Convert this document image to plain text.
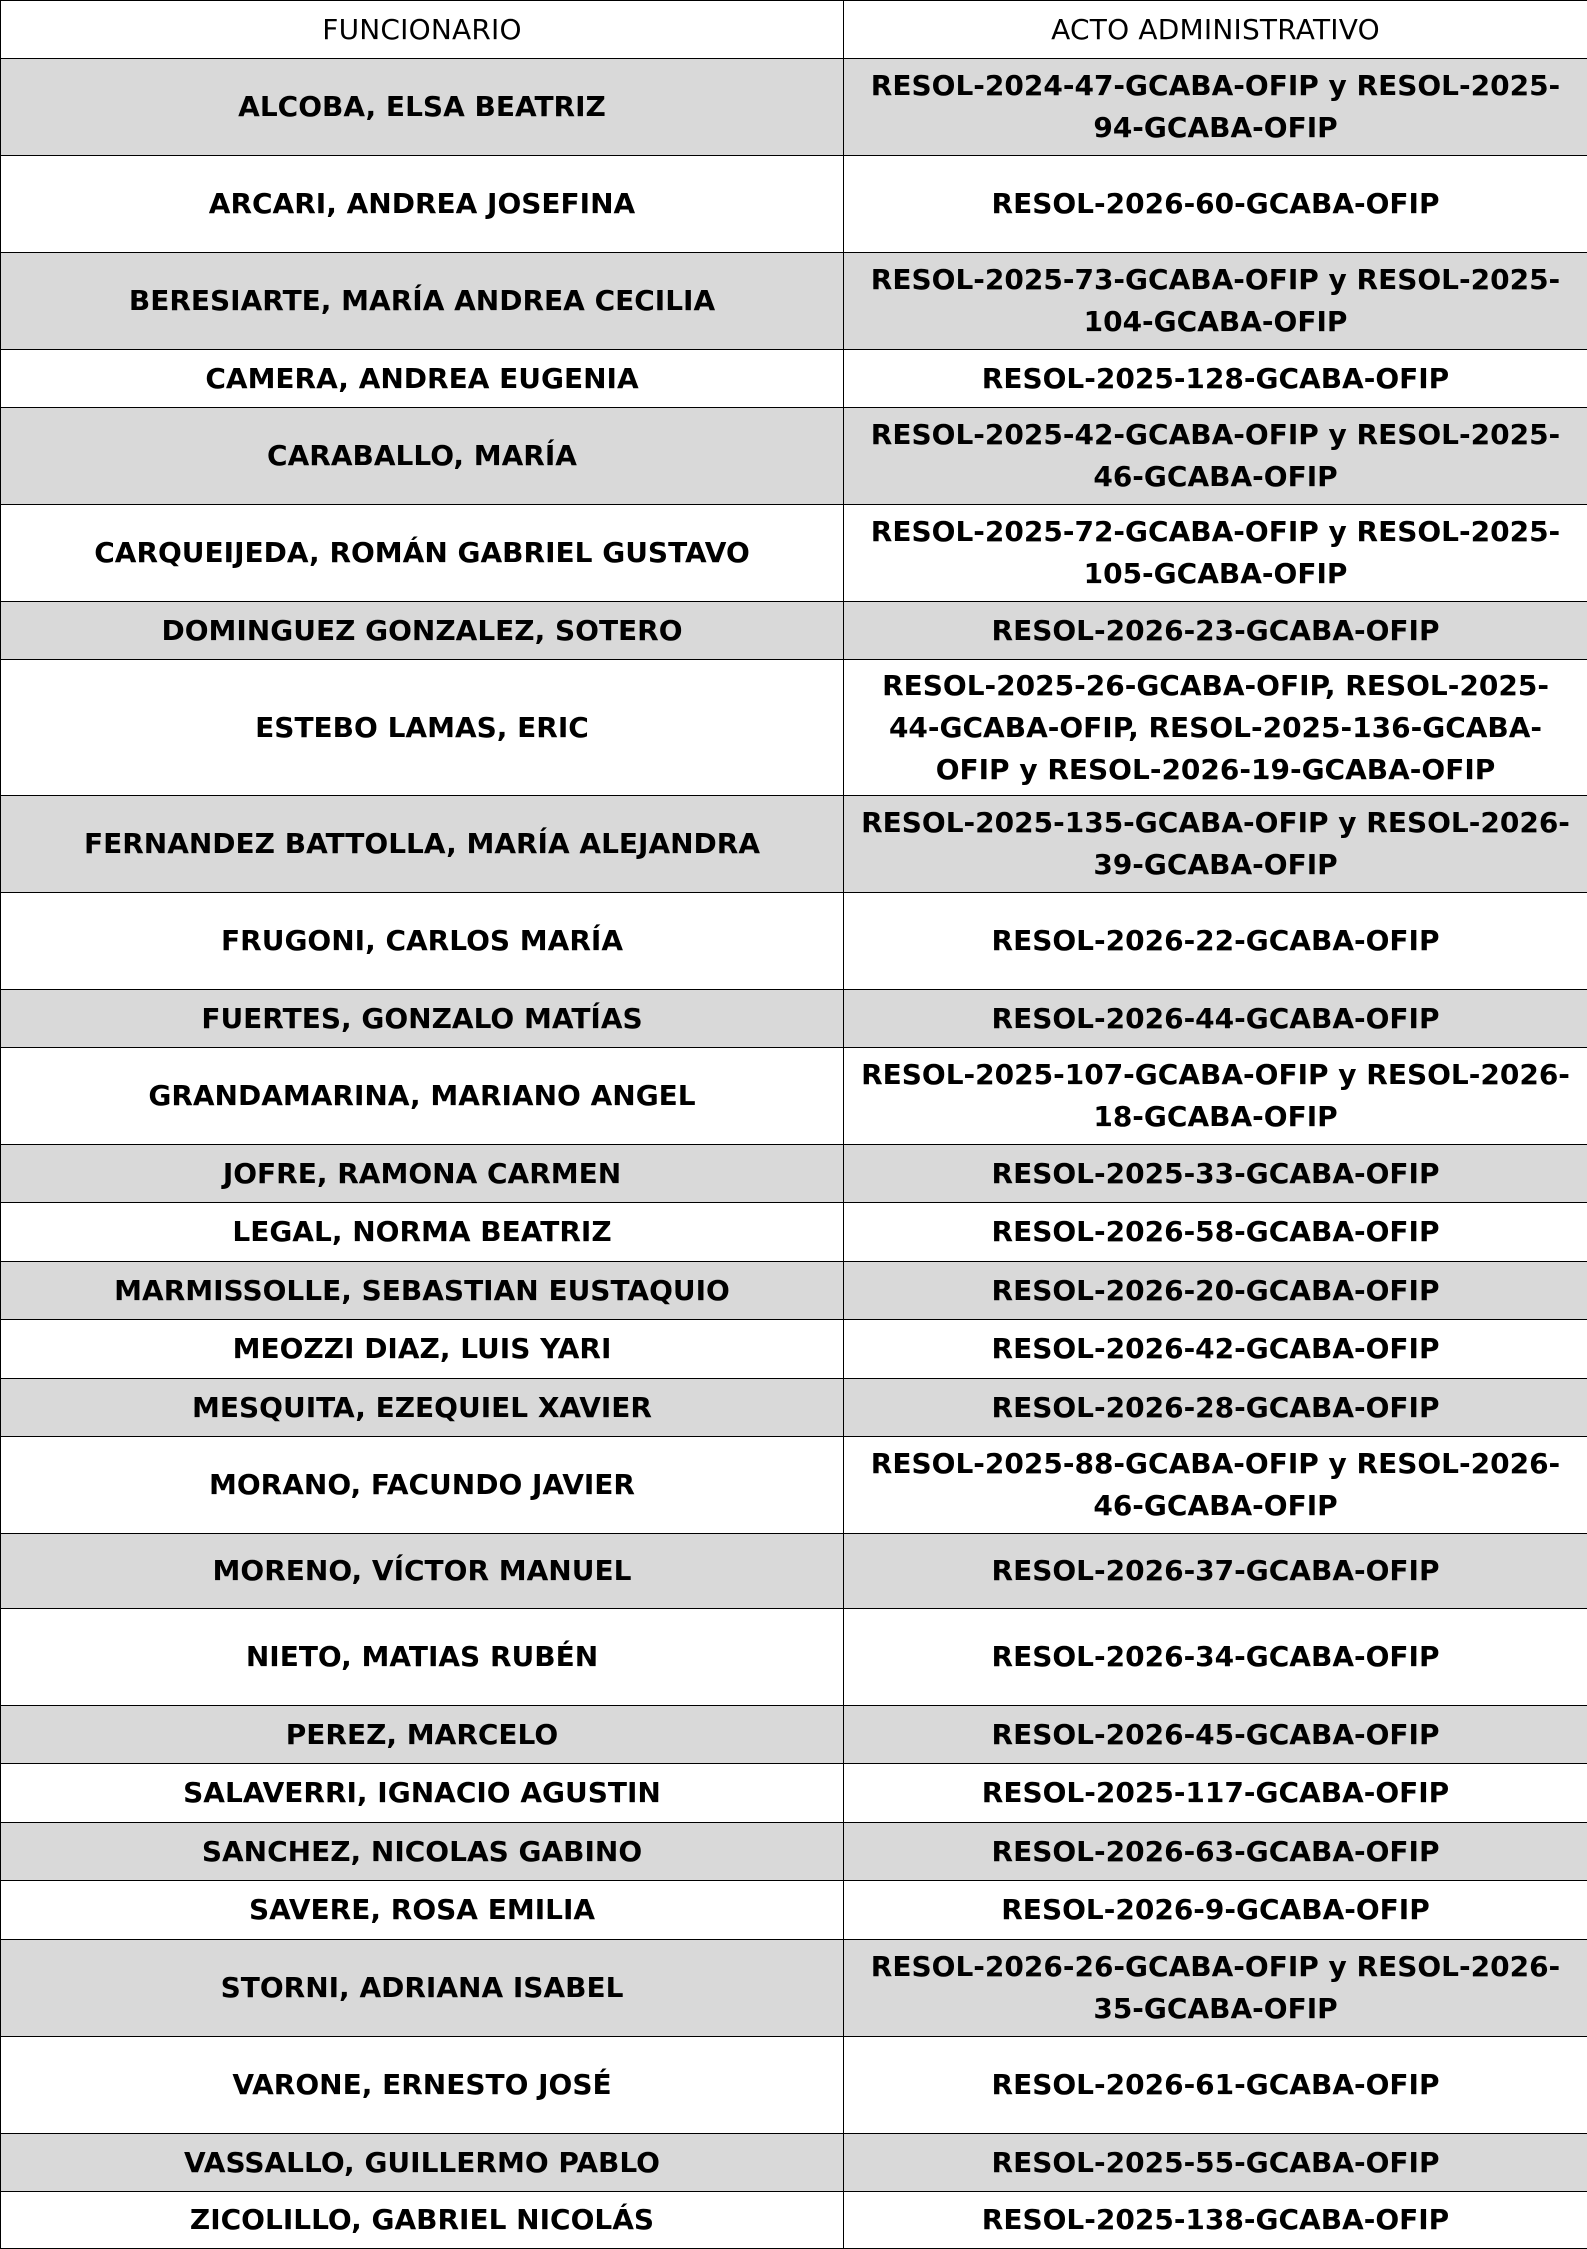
FUNCIONARIO	ACTO ADMINISTRATIVO
ALCOBA, ELSA BEATRIZ	RESOL-2024-47-GCABA-OFIP y RESOL-2025-94-GCABA-OFIP
ARCARI, ANDREA JOSEFINA	RESOL-2026-60-GCABA-OFIP
BERESIARTE, MARÍA ANDREA CECILIA	RESOL-2025-73-GCABA-OFIP y RESOL-2025-104-GCABA-OFIP
CAMERA, ANDREA EUGENIA	RESOL-2025-128-GCABA-OFIP
CARABALLO, MARÍA	RESOL-2025-42-GCABA-OFIP y RESOL-2025-46-GCABA-OFIP
CARQUEIJEDA, ROMÁN GABRIEL GUSTAVO	RESOL-2025-72-GCABA-OFIP y RESOL-2025-105-GCABA-OFIP
DOMINGUEZ GONZALEZ, SOTERO	RESOL-2026-23-GCABA-OFIP
ESTEBO LAMAS, ERIC	RESOL-2025-26-GCABA-OFIP, RESOL-2025-44-GCABA-OFIP, RESOL-2025-136-GCABA-OFIP y RESOL-2026-19-GCABA-OFIP
FERNANDEZ BATTOLLA, MARÍA ALEJANDRA	RESOL-2025-135-GCABA-OFIP y RESOL-2026-39-GCABA-OFIP
FRUGONI, CARLOS MARÍA	RESOL-2026-22-GCABA-OFIP
FUERTES, GONZALO MATÍAS	RESOL-2026-44-GCABA-OFIP
GRANDAMARINA, MARIANO ANGEL	RESOL-2025-107-GCABA-OFIP y RESOL-2026-18-GCABA-OFIP
JOFRE, RAMONA CARMEN	RESOL-2025-33-GCABA-OFIP
LEGAL, NORMA BEATRIZ	RESOL-2026-58-GCABA-OFIP
MARMISSOLLE, SEBASTIAN EUSTAQUIO	RESOL-2026-20-GCABA-OFIP
MEOZZI DIAZ, LUIS YARI	RESOL-2026-42-GCABA-OFIP
MESQUITA, EZEQUIEL XAVIER	RESOL-2026-28-GCABA-OFIP
MORANO, FACUNDO JAVIER	RESOL-2025-88-GCABA-OFIP y RESOL-2026-46-GCABA-OFIP
MORENO, VÍCTOR MANUEL	RESOL-2026-37-GCABA-OFIP
NIETO, MATIAS RUBÉN	RESOL-2026-34-GCABA-OFIP
PEREZ, MARCELO	RESOL-2026-45-GCABA-OFIP
SALAVERRI, IGNACIO AGUSTIN	RESOL-2025-117-GCABA-OFIP
SANCHEZ, NICOLAS GABINO	RESOL-2026-63-GCABA-OFIP
SAVERE, ROSA EMILIA	RESOL-2026-9-GCABA-OFIP
STORNI, ADRIANA ISABEL	RESOL-2026-26-GCABA-OFIP y RESOL-2026-35-GCABA-OFIP
VARONE, ERNESTO JOSÉ	RESOL-2026-61-GCABA-OFIP
VASSALLO, GUILLERMO PABLO	RESOL-2025-55-GCABA-OFIP
ZICOLILLO, GABRIEL NICOLÁS	RESOL-2025-138-GCABA-OFIP
